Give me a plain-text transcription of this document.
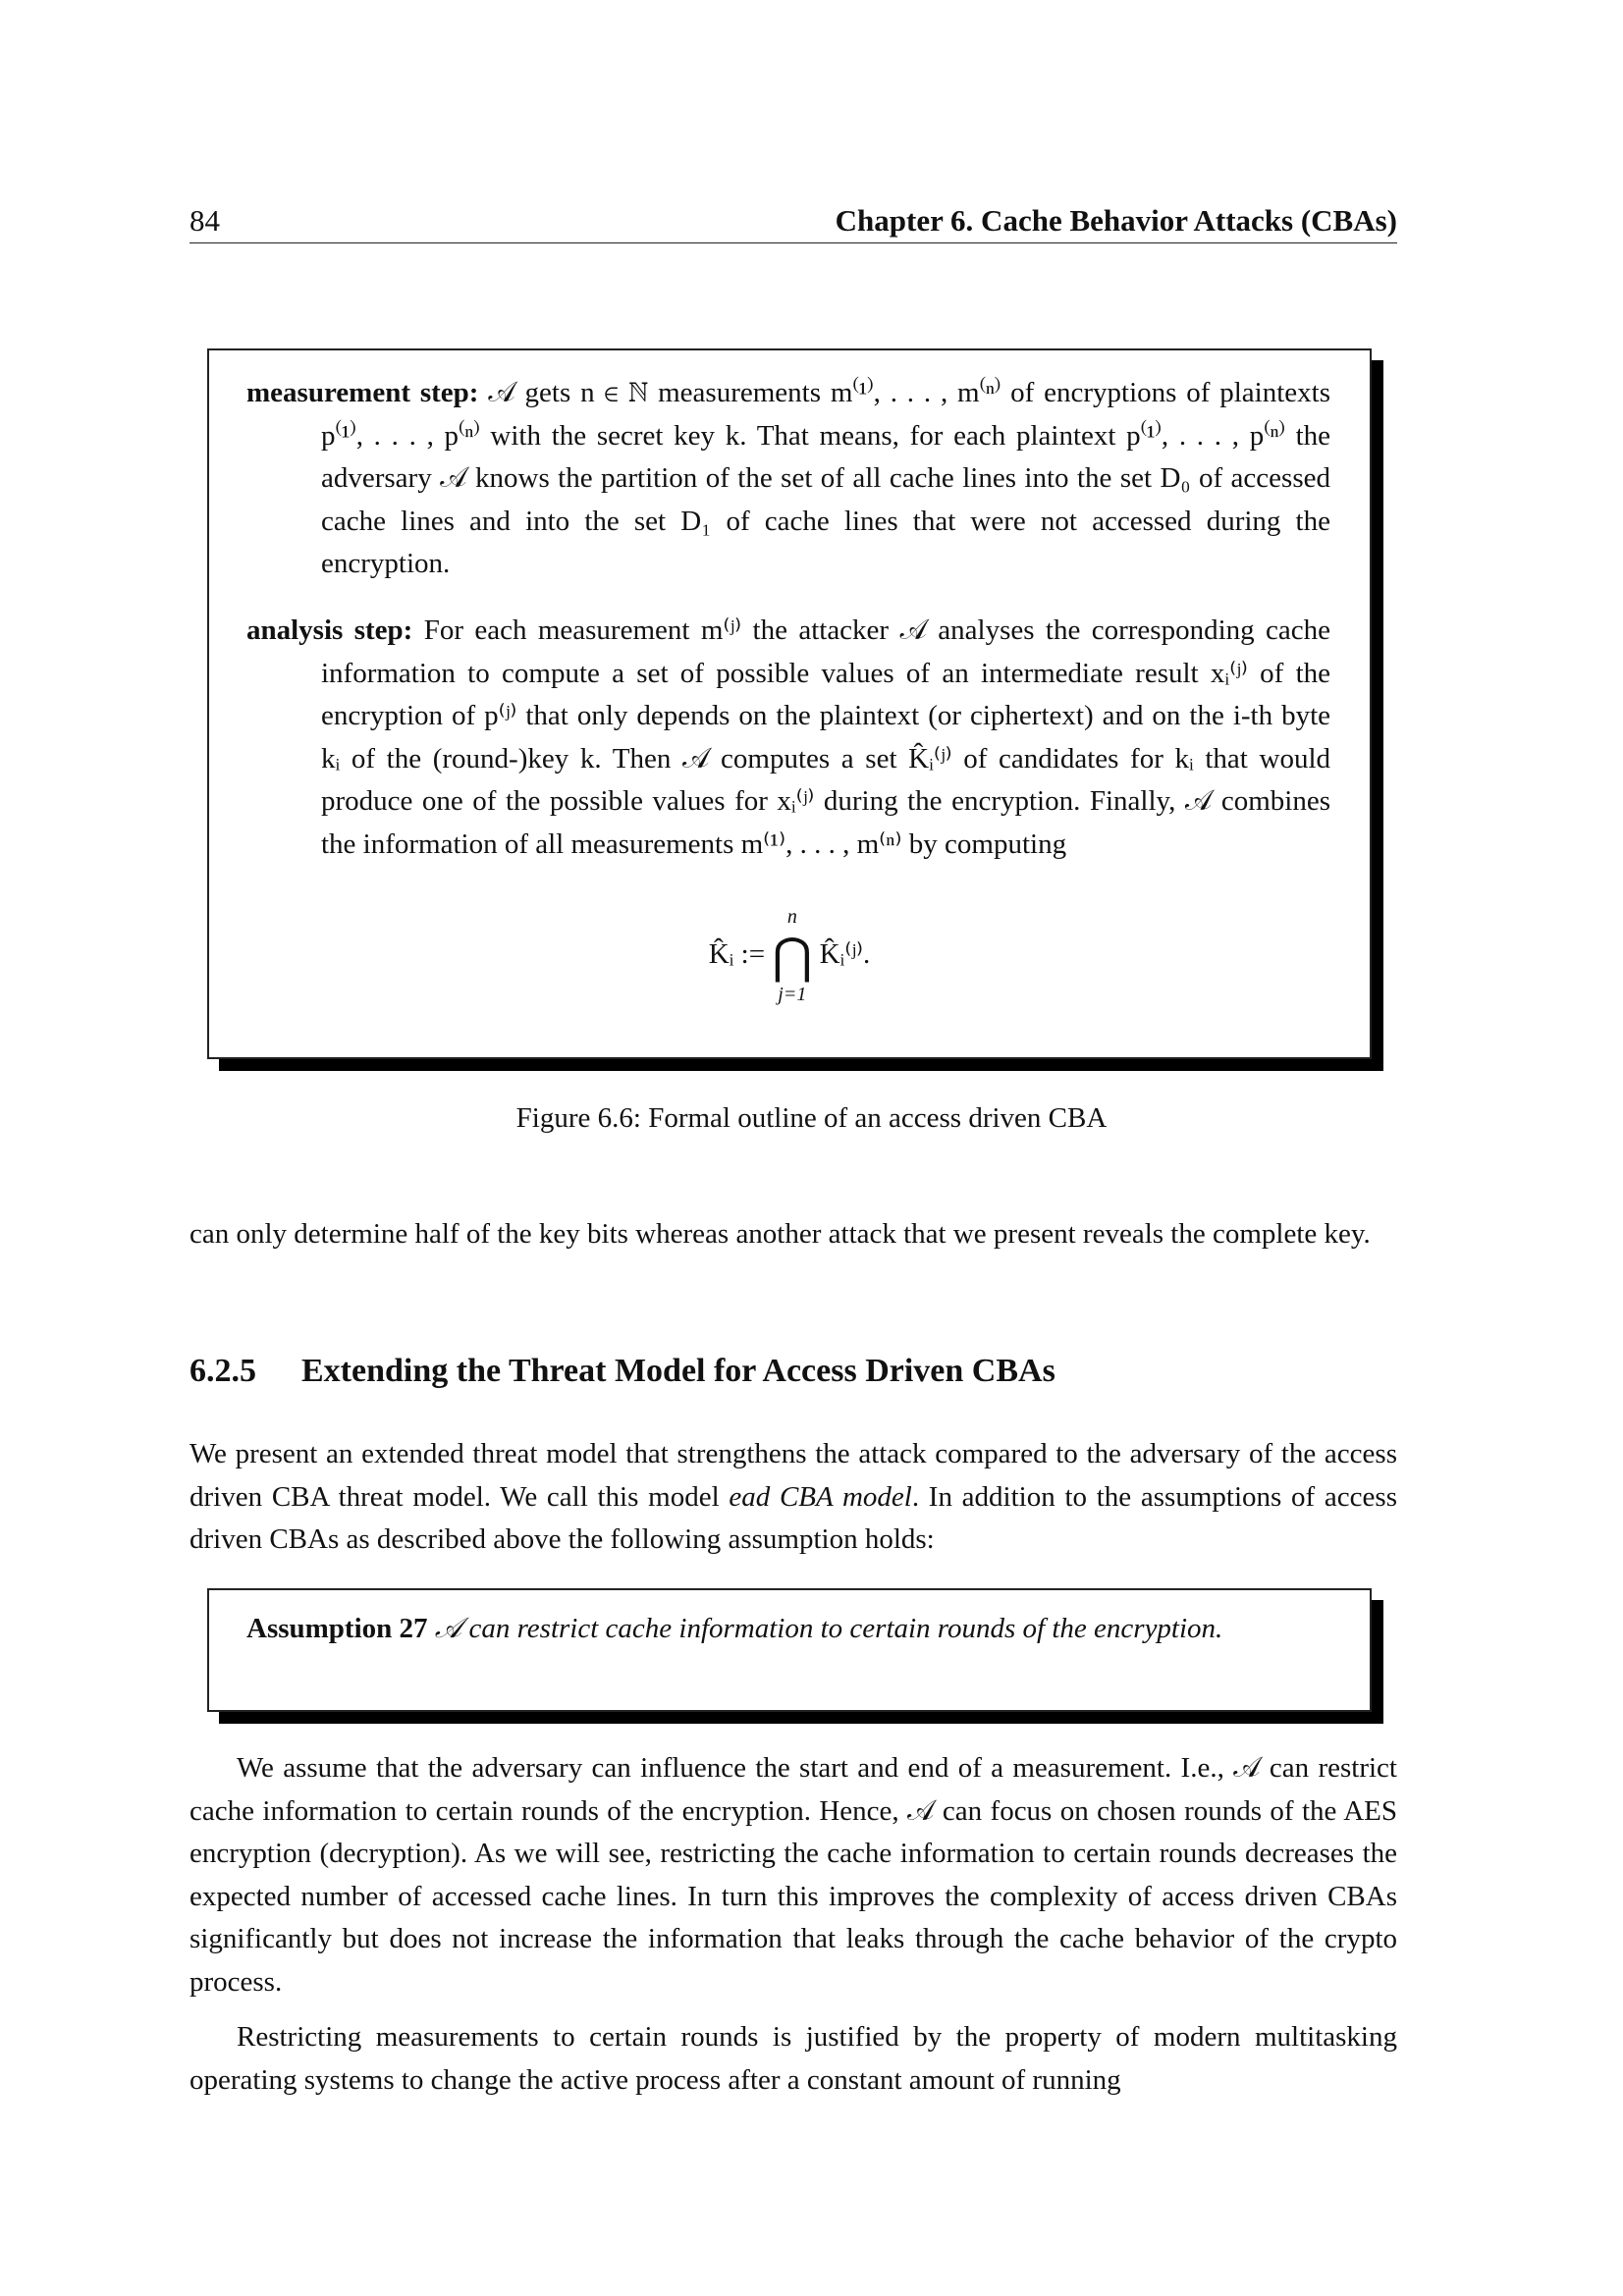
84	Chapter 6. Cache Behavior Attacks (CBAs)
measurement step: 𝒜 gets n ∈ ℕ measurements m⁽¹⁾, . . . , m⁽ⁿ⁾ of encryptions of plaintexts p⁽¹⁾, . . . , p⁽ⁿ⁾ with the secret key k. That means, for each plaintext p⁽¹⁾, . . . , p⁽ⁿ⁾ the adversary 𝒜 knows the partition of the set of all cache lines into the set D₀ of accessed cache lines and into the set D₁ of cache lines that were not accessed during the encryption.
analysis step: For each measurement m⁽ʲ⁾ the attacker 𝒜 analyses the corresponding cache information to compute a set of possible values of an intermediate result xᵢ⁽ʲ⁾ of the encryption of p⁽ʲ⁾ that only depends on the plaintext (or ciphertext) and on the i-th byte kᵢ of the (round-)key k. Then 𝒜 computes a set K̂ᵢ⁽ʲ⁾ of candidates for kᵢ that would produce one of the possible values for xᵢ⁽ʲ⁾ during the encryption. Finally, 𝒜 combines the information of all measurements m⁽¹⁾, . . . , m⁽ⁿ⁾ by computing
K̂ᵢ := ⋂
n
j=1
K̂ᵢ⁽ʲ⁾.
Figure 6.6: Formal outline of an access driven CBA
can only determine half of the key bits whereas another attack that we present reveals the complete key.
6.2.5 Extending the Threat Model for Access Driven CBAs
We present an extended threat model that strengthens the attack compared to the adversary of the access driven CBA threat model. We call this model ead CBA model. In addition to the assumptions of access driven CBAs as described above the following assumption holds:
Assumption 27 𝒜 can restrict cache information to certain rounds of the encryption.
We assume that the adversary can influence the start and end of a measurement. I.e., 𝒜 can restrict cache information to certain rounds of the encryption. Hence, 𝒜 can focus on chosen rounds of the AES encryption (decryption). As we will see, restricting the cache information to certain rounds decreases the expected number of accessed cache lines. In turn this improves the complexity of access driven CBAs significantly but does not increase the information that leaks through the cache behavior of the crypto process.
Restricting measurements to certain rounds is justified by the property of modern multitasking operating systems to change the active process after a constant amount of running
